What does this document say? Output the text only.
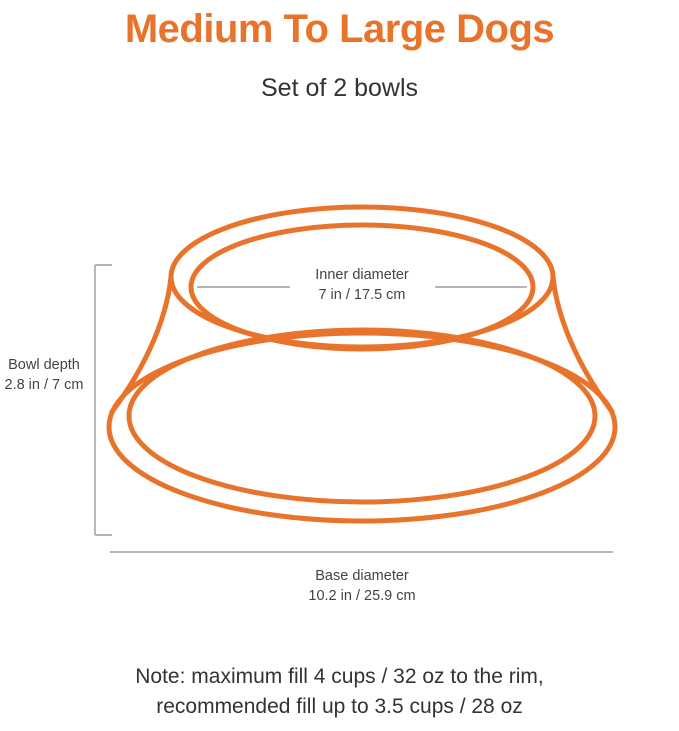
Medium To Large Dogs
Set of 2 bowls
Inner diameter
7 in / 17.5 cm
Bowl depth
2.8 in / 7 cm
Base diameter
10.2 in / 25.9 cm
Note: maximum fill 4 cups / 32 oz to the rim,
recommended fill up to 3.5 cups / 28 oz
